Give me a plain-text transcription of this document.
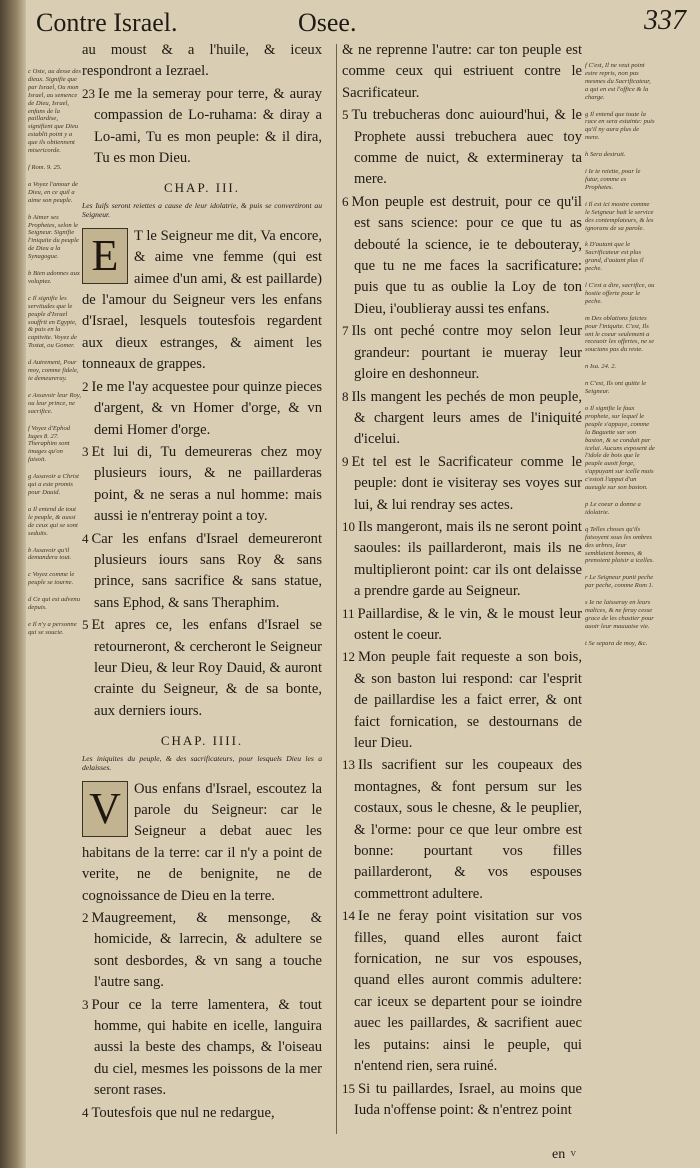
Contre Israel.	Osee.	337

c Oste, au desse des dieux. Signifie que par Israel, Ou mon Israel, au semence de Dieu, Israel, enfans de la paillardise, signifient que Dieu establit point y a que ils obtiennent misericorde.

f Rom. 9. 25.

a Voyez l'amour de Dieu, en ce quil a aime son peuple.

b Aimer ses Prophetes, selon le Seigneur. Signifie l'iniquite du peuple de Dieu a la Synagogue.

b Bien adonnes aux voluptez.

c Il signifie les servitudes que le peuple d'Israel souffrit en Egypte, & puis en la captivite. Voyez de Tostat, ou Gomer.

d Autrement, Pour moy, comme fidele, ie demeureray.

e Assavoir leur Roy, ou leur prince, ne sacrifice.

f Voyez d'Ephod Iuges 8. 27. Theraphim sont images qu'on faisoit.

g Assavoir a Christ qui a este promis pour Dauid.

a Il entend de tout le peuple, & aussi de ceux qui se sont seduits.

b Assavoir qu'il demandera tout.

c Voyez comme le peuple se tourne.

d Ce qui est advenu depuis.

e Il n'y a personne qui se soucie.

au moust & a l'huile, & iceux respondront a Iezrael.

23 Ie me la semeray pour terre, & auray compassion de Lo-ruhama: & diray a Lo-ami, Tu es mon peuple: & il dira, Tu es mon Dieu.

CHAP. III.

Les Iuifs seront reiettes a cause de leur idolatrie, & puis se convertiront au Seigneur.

E	T le Seigneur me dit, Va encore, & aime vne femme (qui est aimee d'un ami, & est paillarde) de l'amour du Seigneur vers les enfans d'Israel, lesquels toutesfois regardent aux dieux estranges, & aiment les tonneaux de grappes.

2 Ie me l'ay acquestee pour quinze pieces d'argent, & vn Homer d'orge, & vn demi Homer d'orge.

3 Et lui di, Tu demeureras chez moy plusieurs iours, & ne paillarderas point, & ne seras a nul homme: mais aussi ie n'entreray point a toy.

4 Car les enfans d'Israel demeureront plusieurs iours sans Roy & sans prince, sans sacrifice & sans statue, sans Ephod, & sans Theraphim.

5 Et apres ce, les enfans d'Israel se retourneront, & cercheront le Seigneur leur Dieu, & leur Roy Dauid, & auront crainte du Seigneur, & de sa bonte, aux derniers iours.

CHAP. IIII.

Les iniquites du peuple, & des sacrificateurs, pour lesquels Dieu les a delaisses.

V Ous enfans d'Israel, escoutez la parole du Seigneur: car le Seigneur a debat auec les habitans de la terre: car il n'y a point de verite, ne de benignite, ne de cognoissance de Dieu en la terre.

2 Maugreement, & mensonge, & homicide, & larrecin, & adultere se sont desbordes, & vn sang a touche l'autre sang.

3 Pour ce la terre lamentera, & tout homme, qui habite en icelle, languira aussi la beste des champs, & l'oiseau du ciel, mesmes les poissons de la mer seront rases.

4 Toutesfois que nul ne redargue,

& ne reprenne l'autre: car ton peuple est comme ceux qui estriuent contre le Sacrificateur.

5 Tu trebucheras donc auiourd'hui, & le Prophete aussi trebuchera auec toy comme de nuict, & extermineray ta mere.

6 Mon peuple est destruit, pour ce qu'il est sans science: pour ce que tu as debouté la science, ie te debouteray, que tu ne me faces la sacrificature: puis que tu as oublie la Loy de ton Dieu, i'oublieray aussi tes enfans.

7 Ils ont peché contre moy selon leur grandeur: pourtant ie mueray leur gloire en deshonneur.

8 Ils mangent les pechés de mon peuple, & chargent leurs ames de l'iniquité d'icelui.

9 Et tel est le Sacrificateur comme le peuple: dont ie visiteray ses voyes sur lui, & lui rendray ses actes.

10 Ils mangeront, mais ils ne seront point saoules: ils paillarderont, mais ils ne multiplieront point: car ils ont delaisse a prendre garde au Seigneur.

11 Paillardise, & le vin, & le moust leur ostent le coeur.

12 Mon peuple fait requeste a son bois, & son baston lui respond: car l'esprit de paillardise les a faict errer, & ont faict fornication, se destournans de leur Dieu.

13 Ils sacrifient sur les coupeaux des montagnes, & font persum sur les costaux, sous le chesne, & le peuplier, & l'orme: pour ce que leur ombre est bonne: pourtant vos filles paillarderont, & vos espouses commettront adultere.

14 Ie ne feray point visitation sur vos filles, quand elles auront faict fornication, ne sur vos espouses, quand elles auront commis adultere: car iceux se departent pour se ioindre auec les paillardes, & sacrifient auec les putains: ainsi le peuple, qui n'entend rien, sera ruiné.

15 Si tu paillardes, Israel, au moins que Iuda n'offense point: & n'entrez point

f C'est, Il ne veut point estre repris, non pas mesmes du Sacrificateur, a qui en est l'office & la charge.

g Il entend que toute la race en sera estainte: puis qu'il ny aura plus de mere.

h Sera destruit.

i Ie te reiette, pour le futur, comme es Prophetes.

i Il est ici mostre comme le Seigneur hait le service des contemplateurs, & les ignorans de sa parole.

k D'autant que le Sacrificateur est plus grand, d'autant plus il peche.

l C'est a dire, sacrifice, ou hostie offerte pour le peche.

m Des oblations faictes pour l'iniquite. C'est, Ils ont le coeur seulement a receuoir les offertes, ne se soucians pas du reste.

n Isa. 24. 2.

n C'est, Ils ont quitte le Seigneur.

o Il signifie le faux prophete, sur lequel le peuple s'appuye, comme la Baguette sur son baston, & se conduit par icelui. Aucuns exposent de l'idole de bois que le peuple auoit forge, s'appuyant sur icelle mais c'estoit l'appui d'un aueugle sur son baston.

p Le coeur a donne a idolatrie.

q Telles choses qu'ils faisoyent sous les ombres des arbres, leur semblaient bonnes, & prenoient plaisir a icelles.

r Le Seigneur punit peche par peche, comme Rom 1.

s Ie ne laisseray en leurs malices, & ne feray cesse grace de les chastier pour auoir leur mauuaise vie.

t Se separa de moy, &c.

en v
